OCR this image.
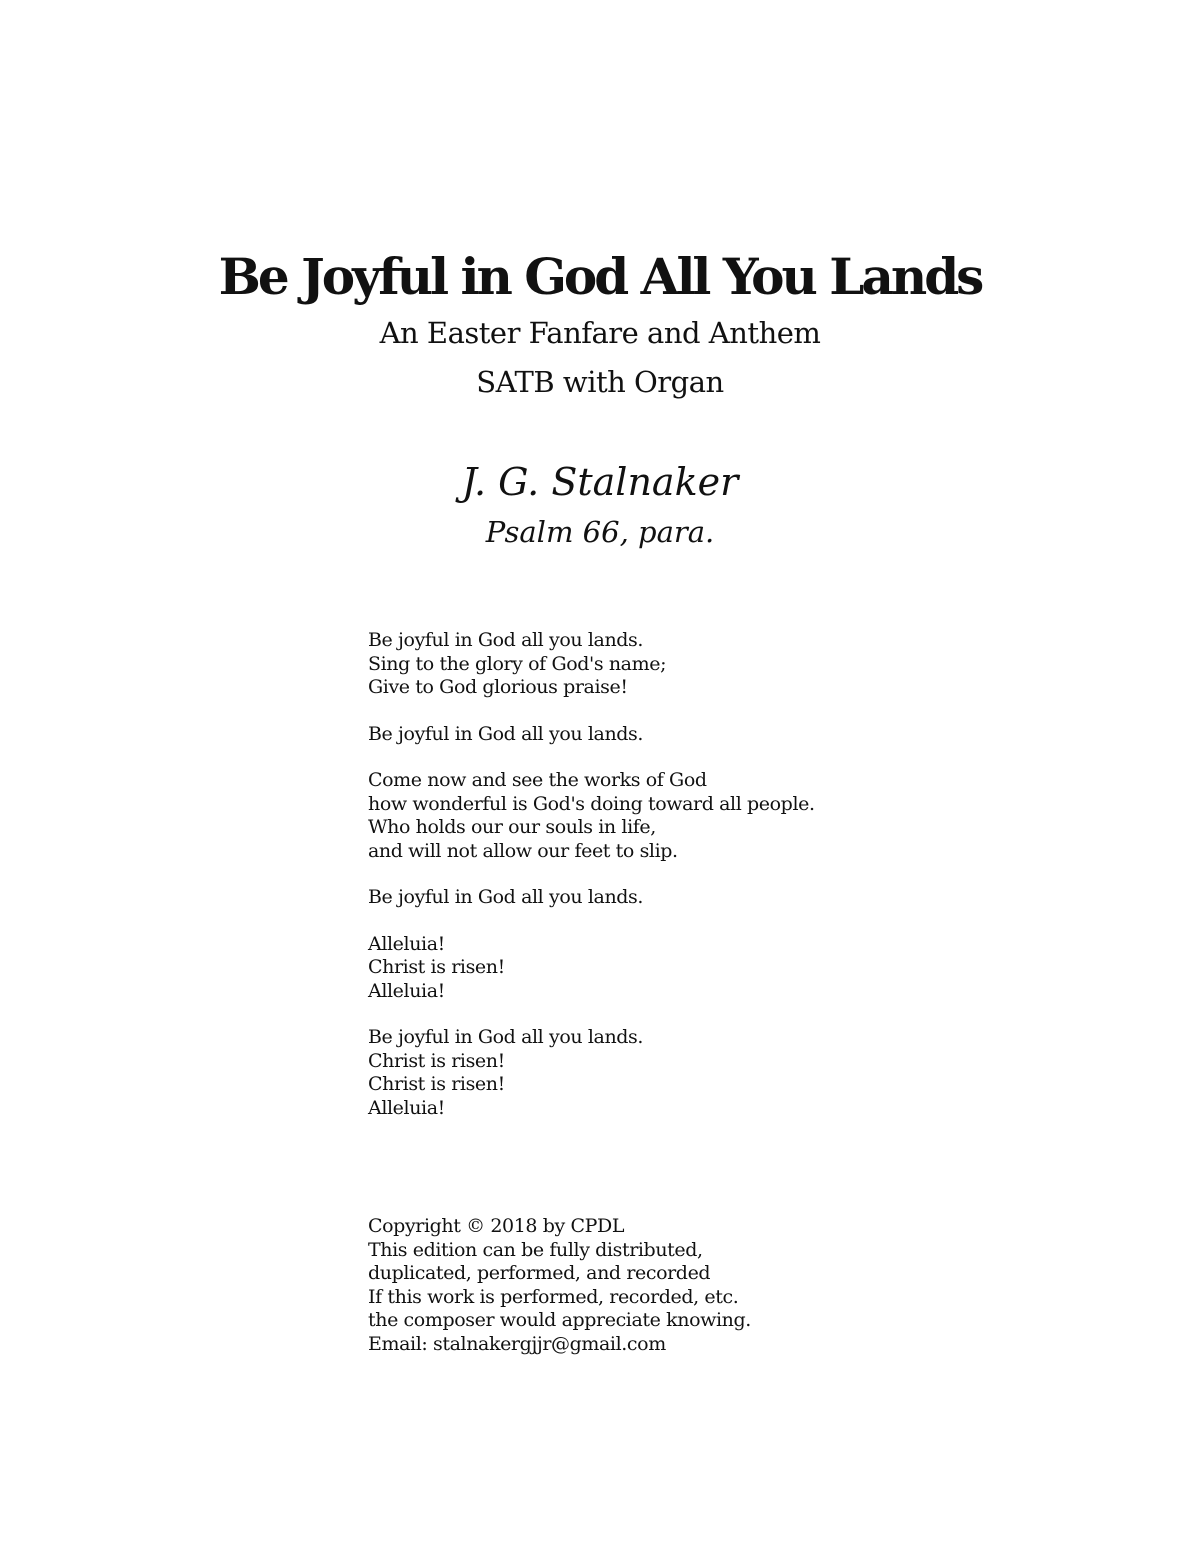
Be Joyful in God All You Lands
An Easter Fanfare and Anthem
SATB with Organ
J. G. Stalnaker
Psalm 66, para.
Be joyful in God all you lands.
Sing to the glory of God's name;
Give to God glorious praise!
Be joyful in God all you lands.
Come now and see the works of God
how wonderful is God's doing toward all people.
Who holds our our souls in life,
and will not allow our feet to slip.
Be joyful in God all you lands.
Alleluia!
Christ is risen!
Alleluia!
Be joyful in God all you lands.
Christ is risen!
Christ is risen!
Alleluia!
Copyright © 2018 by CPDL
This edition can be fully distributed,
duplicated, performed, and recorded
If this work is performed, recorded, etc.
the composer would appreciate knowing.
Email: stalnakergjjr@gmail.com
